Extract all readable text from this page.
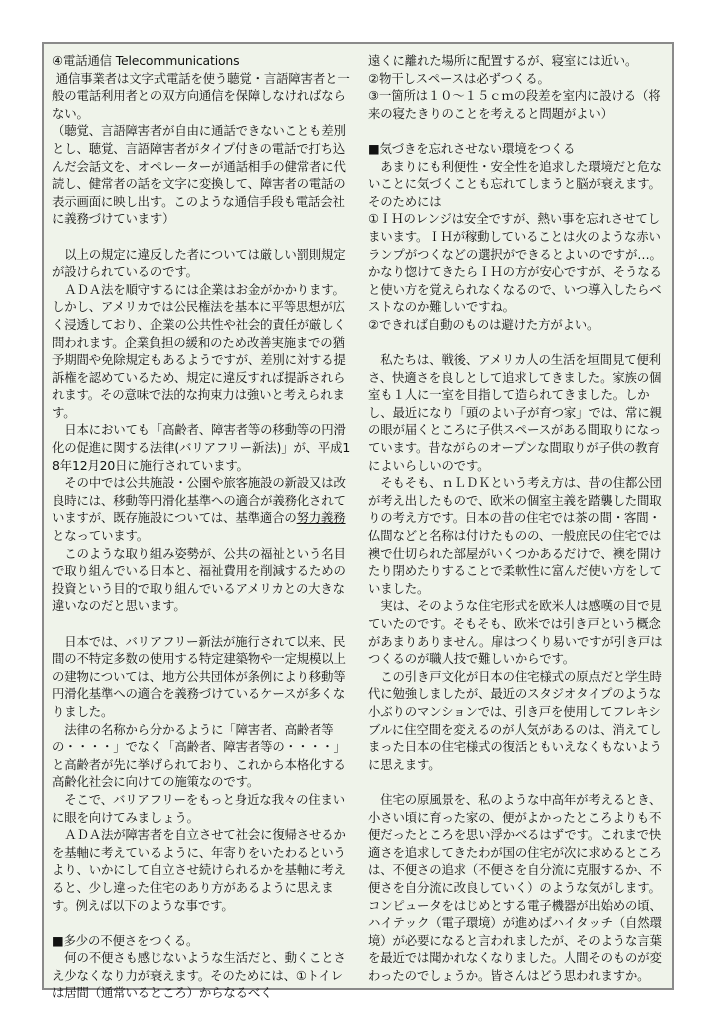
④電話通信 Telecommunications
通信事業者は文字式電話を使う聴覚・言語障害者と一般の電話利用者との双方向通信を保障しなければならない。
（聴覚、言語障害者が自由に通話できないことも差別とし、聴覚、言語障害者がタイプ付きの電話で打ち込んだ会話文を、オペレーターが通話相手の健常者に代読し、健常者の話を文字に変換して、障害者の電話の表示画面に映し出す。このような通信手段も電話会社に義務づけています）

　以上の規定に違反した者については厳しい罰則規定が設けられているのです。
　ＡＤＡ法を順守するには企業はお金がかかります。しかし、アメリカでは公民権法を基本に平等思想が広く浸透しており、企業の公共性や社会的責任が厳しく問われます。企業負担の緩和のため改善実施までの猶予期間や免除規定もあるようですが、差別に対する提訴権を認めているため、規定に違反すれば提訴されられます。その意味で法的な拘束力は強いと考えられます。
　日本においても「高齢者、障害者等の移動等の円滑化の促進に関する法律(バリアフリー新法)」が、平成18年12月20日に施行されています。
　その中では公共施設・公園や旅客施設の新設又は改良時には、移動等円滑化基準への適合が義務化されていますが、既存施設については、基準適合の努力義務となっています。
　このような取り組み姿勢が、公共の福祉という名目で取り組んでいる日本と、福祉費用を削減するための投資という目的で取り組んでいるアメリカとの大きな違いなのだと思います。

　日本では、バリアフリー新法が施行されて以来、民間の不特定多数の使用する特定建築物や一定規模以上の建物については、地方公共団体が条例により移動等円滑化基準への適合を義務づけているケースが多くなりました。
　法律の名称から分かるように「障害者、高齢者等の・・・・」でなく「高齢者、障害者等の・・・・」と高齢者が先に挙げられており、これから本格化する高齢化社会に向けての施策なのです。
　そこで、バリアフリーをもっと身近な我々の住まいに眼を向けてみましょう。
　ＡＤＡ法が障害者を自立させて社会に復帰させるかを基軸に考えているように、年寄りをいたわるというより、いかにして自立させ続けられるかを基軸に考えると、少し違った住宅のあり方があるように思えます。例えば以下のような事です。

■多少の不便さをつくる。
　何の不便さも感じないような生活だと、動くことさえ少なくなり力が衰えます。そのためには、①トイレは居間（通常いるところ）からなるべく

遠くに離れた場所に配置するが、寝室には近い。
②物干しスペースは必ずつくる。
③一箇所は１０～１５ｃｍの段差を室内に設ける（将来の寝たきりのことを考えると問題がよい）

■気づきを忘れさせない環境をつくる
　あまりにも利便性・安全性を追求した環境だと危ないことに気づくことも忘れてしまうと脳が衰えます。そのためには
①ＩＨのレンジは安全ですが、熱い事を忘れさせてしまいます。ＩＨが稼動していることは火のような赤いランプがつくなどの選択ができるとよいのですが…。かなり惚けてきたらＩＨの方が安心ですが、そうなると使い方を覚えられなくなるので、いつ導入したらベストなのか難しいですね。
②できれば自動のものは避けた方がよい。

　私たちは、戦後、アメリカ人の生活を垣間見て便利さ、快適さを良しとして追求してきました。家族の個室も１人に一室を目指して造られてきました。しかし、最近になり「頭のよい子が育つ家」では、常に親の眼が届くところに子供スペースがある間取りになっています。昔ながらのオープンな間取りが子供の教育によいらしいのです。
　そもそも、ｎＬＤＫという考え方は、昔の住都公団が考え出したもので、欧米の個室主義を踏襲した間取りの考え方です。日本の昔の住宅では茶の間・客間・仏間などと名称は付けたものの、一般庶民の住宅では襖で仕切られた部屋がいくつかあるだけで、襖を開けたり閉めたりすることで柔軟性に富んだ使い方をしていました。
　実は、そのような住宅形式を欧米人は感嘆の目で見ていたのです。そもそも、欧米では引き戸という概念があまりありません。扉はつくり易いですが引き戸はつくるのが職人技で難しいからです。
　この引き戸文化が日本の住宅様式の原点だと学生時代に勉強しましたが、最近のスタジオタイプのような小ぶりのマンションでは、引き戸を使用してフレキシブルに住空間を変えるのが人気があるのは、消えてしまった日本の住宅様式の復活ともいえなくもないように思えます。

　住宅の原風景を、私のような中高年が考えるとき、小さい頃に育った家の、便がよかったところよりも不便だったところを思い浮かべるはずです。これまで快適さを追求してきたわが国の住宅が次に求めるところは、不便さの追求（不便さを自分流に克服するか、不便さを自分流に改良していく）のような気がします。コンピュータをはじめとする電子機器が出始めの頃、ハイテック（電子環境）が進めばハイタッチ（自然環境）が必要になると言われましたが、そのような言葉を最近では聞かれなくなりました。人間そのものが変わったのでしょうか。皆さんはどう思われますか。
